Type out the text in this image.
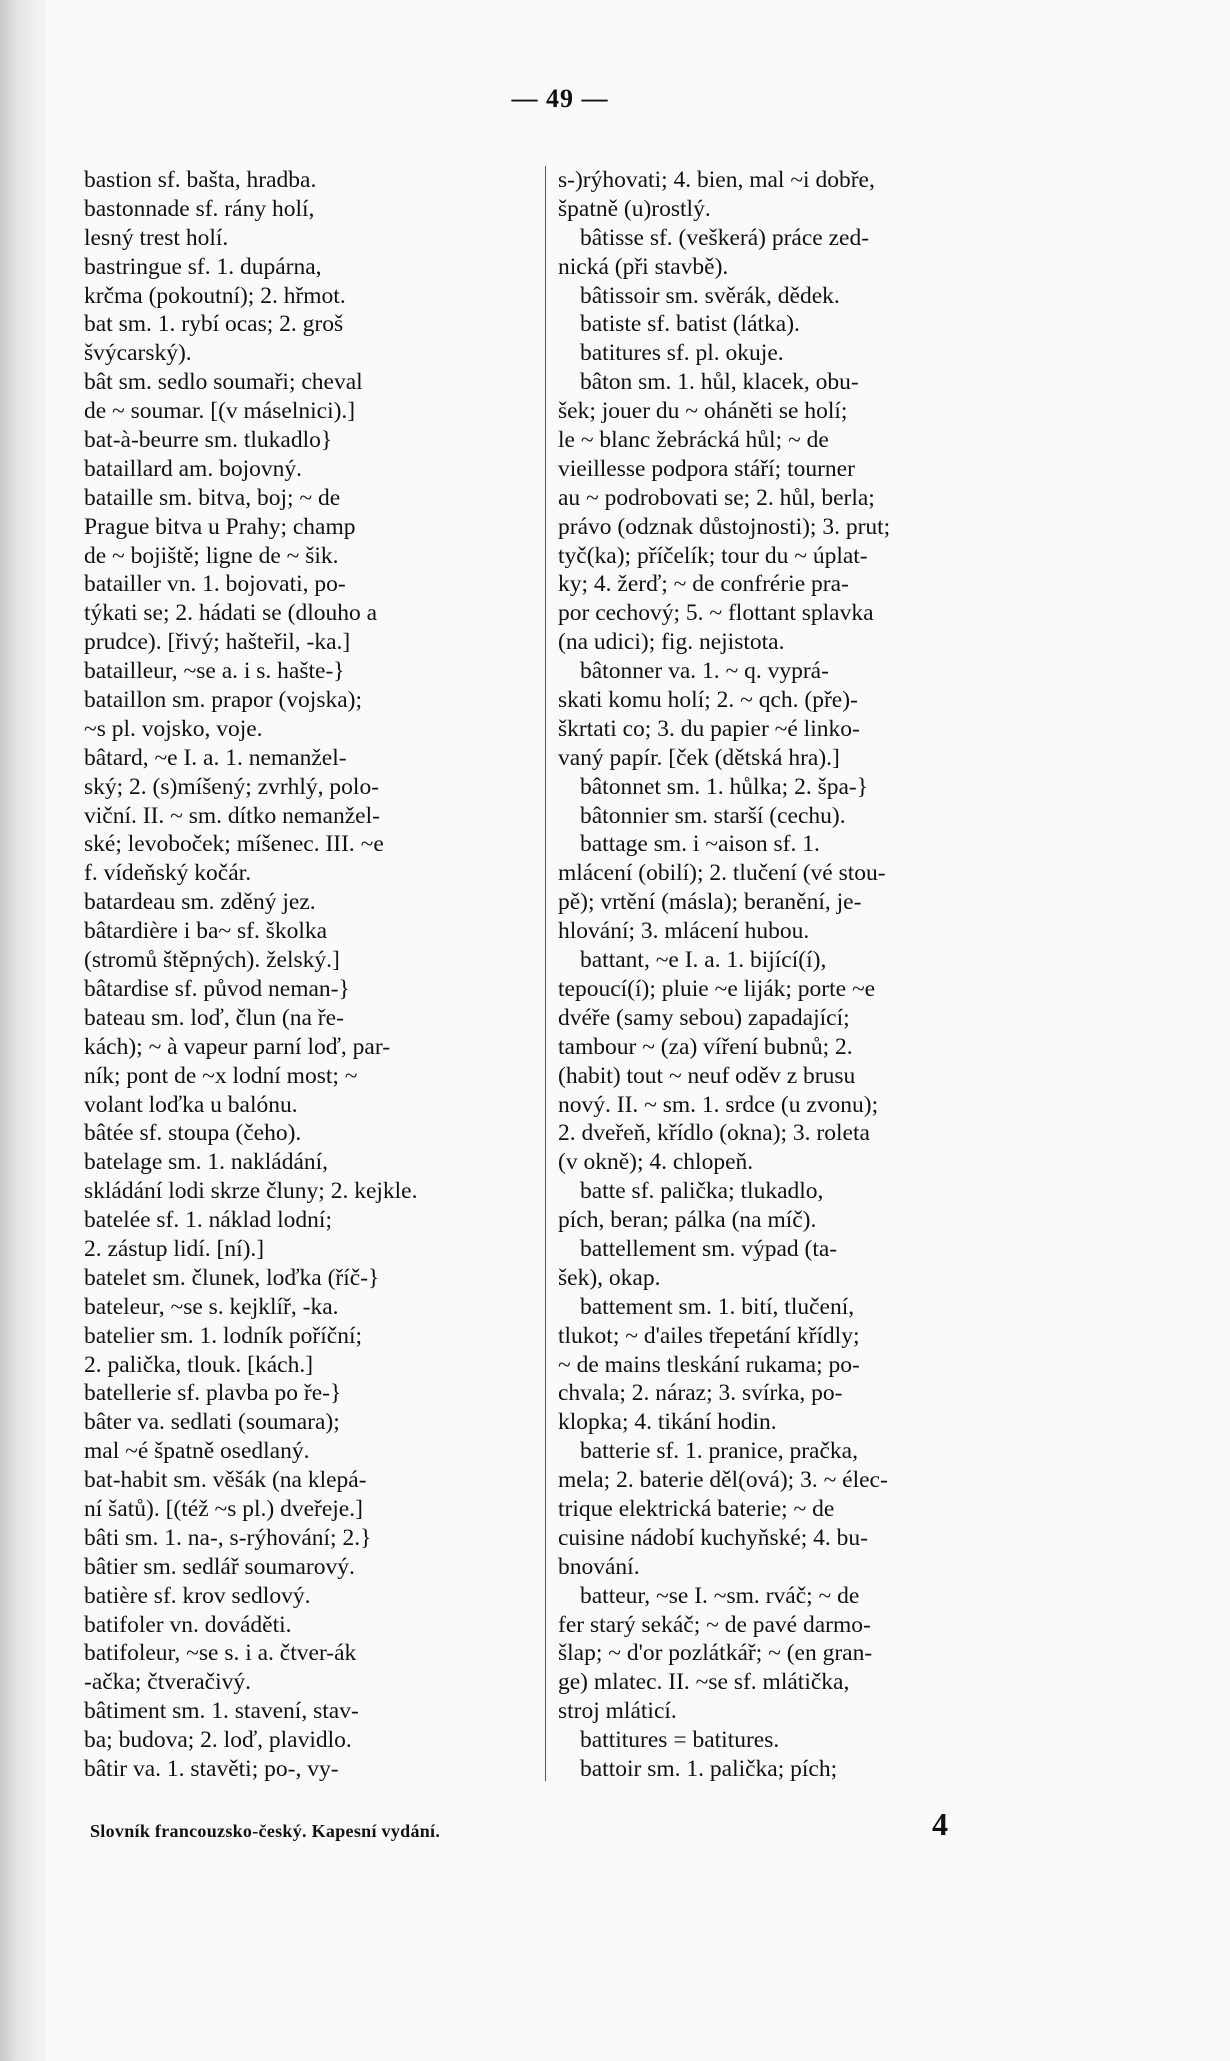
— 49 —
bastion sf. bašta, hradba.
bastonnade sf. rány holí,
lesný trest holí.
bastringue sf. 1. dupárna,
krčma (pokoutní); 2. hřmot.
bat sm. 1. rybí ocas; 2. groš
švýcarský).
bât sm. sedlo soumaři; cheval
de ~ soumar. [(v máselnici).]
bat-à-beurre sm. tlukadlo}
bataillard am. bojovný.
bataille sm. bitva, boj; ~ de
Prague bitva u Prahy; champ
de ~ bojiště; ligne de ~ šik.
batailler vn. 1. bojovati, po-
týkati se; 2. hádati se (dlouho a
prudce). [řivý; hašteřil, -ka.]
batailleur, ~se a. i s. hašte-}
bataillon sm. prapor (vojska);
~s pl. vojsko, voje.
bâtard, ~e I. a. 1. nemanžel-
ský; 2. (s)míšený; zvrhlý, polo-
viční. II. ~ sm. dítko nemanžel-
ské; levoboček; míšenec. III. ~e
f. vídeňský kočár.
batardeau sm. zděný jez.
bâtardière i ba~ sf. školka
(stromů štěpných). želský.]
bâtardise sf. původ neman-}
bateau sm. loď, člun (na ře-
kách); ~ à vapeur parní loď, par-
ník; pont de ~x lodní most; ~
volant loďka u balónu.
bâtée sf. stoupa (čeho).
batelage sm. 1. nakládání,
skládání lodi skrze čluny; 2. kejkle.
batelée sf. 1. náklad lodní;
2. zástup lidí. [ní).]
batelet sm. člunek, loďka (říč-}
bateleur, ~se s. kejklíř, -ka.
batelier sm. 1. lodník poříční;
2. palička, tlouk. [kách.]
batellerie sf. plavba po ře-}
bâter va. sedlati (soumara);
mal ~é špatně osedlaný.
bat-habit sm. věšák (na klepá-
ní šatů). [(též ~s pl.) dveřeje.]
bâti sm. 1. na-, s-rýhování; 2.}
bâtier sm. sedlář soumarový.
batière sf. krov sedlový.
batifoler vn. dováděti.
batifoleur, ~se s. i a. čtver-ák
-ačka; čtveračivý.
bâtiment sm. 1. stavení, stav-
ba; budova; 2. loď, plavidlo.
bâtir va. 1. stavěti; po-, vy-
s-)rýhovati; 4. bien, mal ~i dobře,
špatně (u)rostlý.
bâtisse sf. (veškerá) práce zed-
nická (při stavbě).
bâtissoir sm. svěrák, dědek.
batiste sf. batist (látka).
batitures sf. pl. okuje.
bâton sm. 1. hůl, klacek, obu-
šek; jouer du ~ oháněti se holí;
le ~ blanc žebrácká hůl; ~ de
vieillesse podpora stáří; tourner
au ~ podrobovati se; 2. hůl, berla;
právo (odznak důstojnosti); 3. prut;
tyč(ka); příčelík; tour du ~ úplat-
ky; 4. žerď; ~ de confrérie pra-
por cechový; 5. ~ flottant splavka
(na udici); fig. nejistota.
bâtonner va. 1. ~ q. vyprá-
skati komu holí; 2. ~ qch. (pře)-
škrtati co; 3. du papier ~é linko-
vaný papír. [ček (dětská hra).]
bâtonnet sm. 1. hůlka; 2. špa-}
bâtonnier sm. starší (cechu).
battage sm. i ~aison sf. 1.
mlácení (obilí); 2. tlučení (vé stou-
pě); vrtění (másla); beranění, je-
hlování; 3. mlácení hubou.
battant, ~e I. a. 1. bijící(í),
tepoucí(í); pluie ~e liják; porte ~e
dvéře (samy sebou) zapadající;
tambour ~ (za) víření bubnů; 2.
(habit) tout ~ neuf oděv z brusu
nový. II. ~ sm. 1. srdce (u zvonu);
2. dveřeň, křídlo (okna); 3. roleta
(v okně); 4. chlopeň.
batte sf. palička; tlukadlo,
pích, beran; pálka (na míč).
battellement sm. výpad (ta-
šek), okap.
battement sm. 1. bití, tlučení,
tlukot; ~ d'ailes třepetání křídly;
~ de mains tleskání rukama; po-
chvala; 2. náraz; 3. svírka, po-
klopka; 4. tikání hodin.
batterie sf. 1. pranice, pračka,
mela; 2. baterie děl(ová); 3. ~ élec-
trique elektrická baterie; ~ de
cuisine nádobí kuchyňské; 4. bu-
bnování.
batteur, ~se I. ~sm. rváč; ~ de
fer starý sekáč; ~ de pavé darmo-
šlap; ~ d'or pozlátkář; ~ (en gran-
ge) mlatec. II. ~se sf. mlátička,
stroj mláticí.
battitures = batitures.
battoir sm. 1. palička; pích;
Slovník francouzsko-český. Kapesní vydání.	4
